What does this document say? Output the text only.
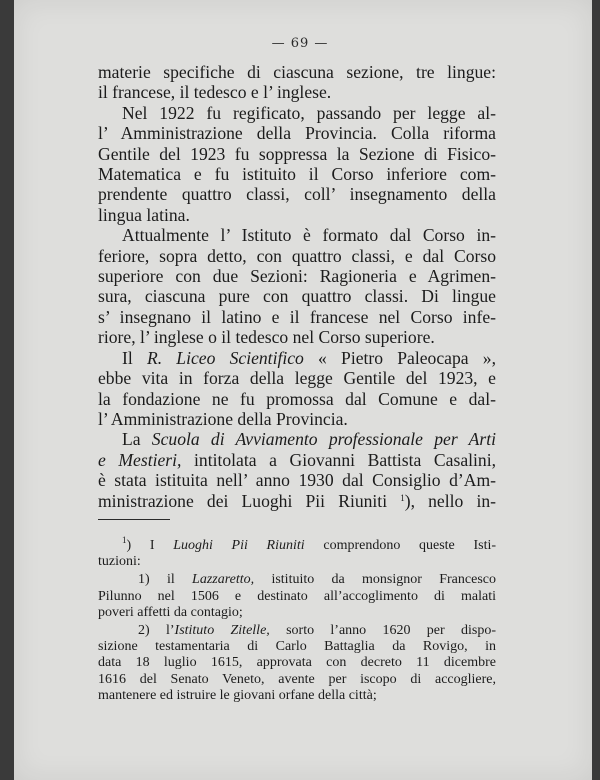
— 69 —

materie specifiche di ciascuna sezione, tre lingue:
il francese, il tedesco e l’ inglese.

Nel 1922 fu regificato, passando per legge al-
l’ Amministrazione della Provincia. Colla riforma
Gentile del 1923 fu soppressa la Sezione di Fisico-
Matematica e fu istituito il Corso inferiore com-
prendente quattro classi, coll’ insegnamento della
lingua latina.

Attualmente l’ Istituto è formato dal Corso in-
feriore, sopra detto, con quattro classi, e dal Corso
superiore con due Sezioni: Ragioneria e Agrimen-
sura, ciascuna pure con quattro classi. Di lingue
s’ insegnano il latino e il francese nel Corso infe-
riore, l’ inglese o il tedesco nel Corso superiore.

Il R. Liceo Scientifico « Pietro Paleocapa »,
ebbe vita in forza della legge Gentile del 1923, e
la fondazione ne fu promossa dal Comune e dal-
l’ Amministrazione della Provincia.

La Scuola di Avviamento professionale per Arti
e Mestieri, intitolata a Giovanni Battista Casalini,
è stata istituita nell’ anno 1930 dal Consiglio d’Am-
ministrazione dei Luoghi Pii Riuniti $^1$), nello in-

$^1$) I Luoghi Pii Riuniti comprendono queste Isti-
tuzioni:

1) il Lazzaretto, istituito da monsignor Francesco
Pilunno nel 1506 e destinato all’accoglimento di malati
poveri affetti da contagio;

2) l’Istituto Zitelle, sorto l’anno 1620 per dispo-
sizione testamentaria di Carlo Battaglia da Rovigo, in
data 18 luglio 1615, approvata con decreto 11 dicembre
1616 del Senato Veneto, avente per iscopo di accogliere,
mantenere ed istruire le giovani orfane della città;
